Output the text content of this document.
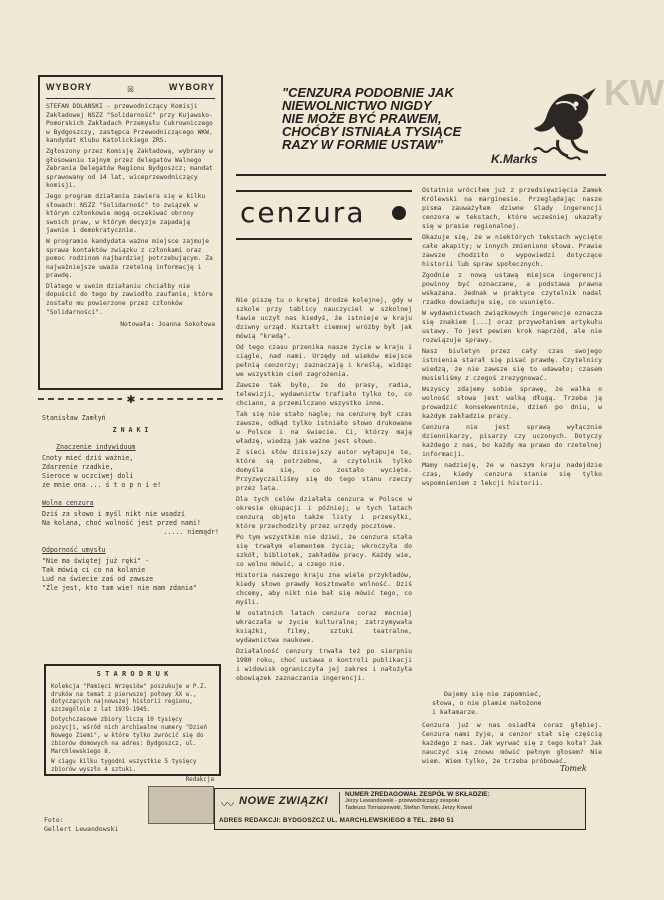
KW
WYBORY	☒	WYBORY

STEFAN DOLAŃSKI - przewodniczący Komisji Zakładowej NSZZ "Solidarność" przy Kujawsko-Pomorskich Zakładach Przemysłu Cukrowniczego w Bydgoszczy, zastępca Przewodniczącego WKW, kandydat Klubu Katolickiego ZRS.

Zgłoszony przez Komisję Zakładową, wybrany w głosowaniu tajnym przez delegatów Walnego Zebrania Delegatów Regionu Bydgoszcz; mandat sprawowany od 14 lat, wiceprzewodniczący komisji.

Jego program działania zawiera się w kilku słowach: NSZZ "Solidarność" to związek w którym członkowie mogą oczekiwać obrony swoich praw, w którym decyzje zapadają jawnie i demokratycznie.

W programie kandydata ważne miejsce zajmuje sprawa kontaktów związku z członkami oraz pomoc rodzinom najbardziej potrzebującym. Za najważniejsze uważa rzetelną informację i prawdę.

Dlatego w swoim działaniu chciałby nie dopuścić do tego by zawiodło zaufanie, które zostało mu powierzone przez członków "Solidarności".

Notowała: Joanna Sokołowa

✱
Stanisław Zamłyń
Z N A K I
Znaczenie indywiduum
Cnoty mieć dziś ważnie,
Zdarzenie rzadkie,
Sieroce w uczciwej doli
ze mnie ona ... ś t o p n i e!
Wolna cenzura
Dziś za słowo i myśl nikt nie wsadzi
Na kolana, choć wolność jest przed nami!
..... niemądr!
Odporność umysłu
"Nie ma świętej już ręki" -
Tak mówią ci co na kolanie
Lud na świecie zaś od zawsze
"Źle jest, kto tam wie! nie mam zdania"
S T A R O D R U K

Kolekcja "Pamięci Wrzęsiów" poszukuje w P.Z. druków na temat z pierwszej połowy XX w., dotyczących najnowszej historii regionu, szczególnie z lat 1939-1945.

Dotychczasowe zbiory liczą 10 tysięcy pozycji, wśród nich archiwalne numery "Dzień Nowego Ziemi", w które tylko zwrócić się do zbiorów domowych na adres: Bydgoszcz, ul. Marchlewskiego 8.

W ciągu kilku tygodni wszystkie 5 tysięcy zbiorów wyszło 4 sztuki.

Redakcja
Foto:
Gellert Lewandowski
"CENZURA PODOBNIE JAK
NIEWOLNICTWO NIGDY
NIE MOŻE BYĆ PRAWEM,
CHOĆBY ISTNIAŁA TYSIĄCE
RAZY W FORMIE USTAW"
K.Marks
cenzura

Nie piszę tu o krętej drodze kolejnej, gdy w szkole przy tablicy nauczyciel w szkolnej ławie uczył nas kiedyś, że istnieje w kraju dziwny urząd. Kształt ciemnej wróżby był jak mówią "kredą".

Od tego czasu przenika nasze życie w kraju i ciągle, nad nami. Urzędy od wieków miejsce pełnią cenzorzy; zaznaczają i kreślą, widząc we wszystkim cień zagrożenia.

Zawsze tak było, że do prasy, radia, telewizji, wydawnictw trafiało tylko to, co chciano, a przemilczano wszystko inne.

Tak się nie stało nagle; na cenzurę był czas zawsze, odkąd tylko istniało słowo drukowane w Polsce i na świecie. Ci, którzy mają władzę, wiedzą jak ważne jest słowo.

Z sieci słów dzisiejszy autor wyłapuje te, które są potrzebne, a czytelnik tylko domyśla się, co zostało wycięte. Przyzwyczailiśmy się do tego stanu rzeczy przez lata.

Dla tych celów działała cenzura w Polsce w okresie okupacji i później; w tych latach cenzurą objęto także listy i przesyłki, które przechodziły przez urzędy pocztowe.

Po tym wszystkim nie dziwi, że cenzura stała się trwałym elementem życia; wkroczyła do szkół, bibliotek, zakładów pracy. Każdy wie, co wolno mówić, a czego nie.

Historia naszego kraju zna wiele przykładów, kiedy słowo prawdy kosztowało wolność. Dziś chcemy, aby nikt nie bał się mówić tego, co myśli.

W ostatnich latach cenzura coraz mocniej wkraczała w życie kulturalne; zatrzymywała książki, filmy, sztuki teatralne, wydawnictwa naukowe.

Działalność cenzury trwała też po sierpniu 1980 roku, choć ustawa o kontroli publikacji i widowisk ograniczyła jej zakres i nałożyła obowiązek zaznaczania ingerencji.

Ostatnio wróciłem już z przedsięwzięcia Zamek Królewski na marginesie. Przeglądając nasze pisma zauważyłem dziwne ślady ingerencji cenzora w tekstach, które wcześniej ukazały się w prasie regionalnej.

Okazuje się, że w niektórych tekstach wycięto całe akapity; w innych zmieniono słowa. Prawie zawsze chodziło o wypowiedzi dotyczące historii lub spraw społecznych.

Zgodnie z nową ustawą miejsca ingerencji powinny być oznaczane, a podstawa prawna wskazana. Jednak w praktyce czytelnik nadal rzadko dowiaduje się, co usunięto.

W wydawnictwach związkowych ingerencje oznacza się znakiem [...] oraz przywołaniem artykułu ustawy. To jest pewien krok naprzód, ale nie rozwiązuje sprawy.

Nasz biuletyn przez cały czas swojego istnienia starał się pisać prawdę. Czytelnicy wiedzą, że nie zawsze się to udawało; czasem musieliśmy z czegoś zrezygnować.

Wszyscy zdajemy sobie sprawę, że walka o wolność słowa jest walką długą. Trzeba ją prowadzić konsekwentnie, dzień po dniu, w każdym zakładzie pracy.

Cenzura nie jest sprawą wyłącznie dziennikarzy, pisarzy czy uczonych. Dotyczy każdego z nas, bo każdy ma prawo do rzetelnej informacji.

Mamy nadzieję, że w naszym kraju nadejdzie czas, kiedy cenzura stanie się tylko wspomnieniem z lekcji historii.

Dajemy się nie zapomnieć,
słowa, o nie plamie nałożone
i kałamarze.
Cenzura już w nas osiadła coraz głębiej. Cenzura nami żyje, a cenzor stał się częścią każdego z nas. Jak wyrwać się z tego koła? Jak nauczyć się znowu mówić pełnym głosem? Nie wiem. Wiem tylko, że trzeba próbować.
Tomek
〰 NOWE ZWIĄZKI
NUMER ZREDAGOWAŁ ZESPÓŁ W SKŁADZIE:
Jerzy Lewandowski - przewodniczący zespołu
Tadeusz Tomaszewski, Stefan Tomski, Jerzy Kowal
ADRES REDAKCJI: BYDGOSZCZ UL. MARCHLEWSKIEGO 8 TEL. 2840 51
